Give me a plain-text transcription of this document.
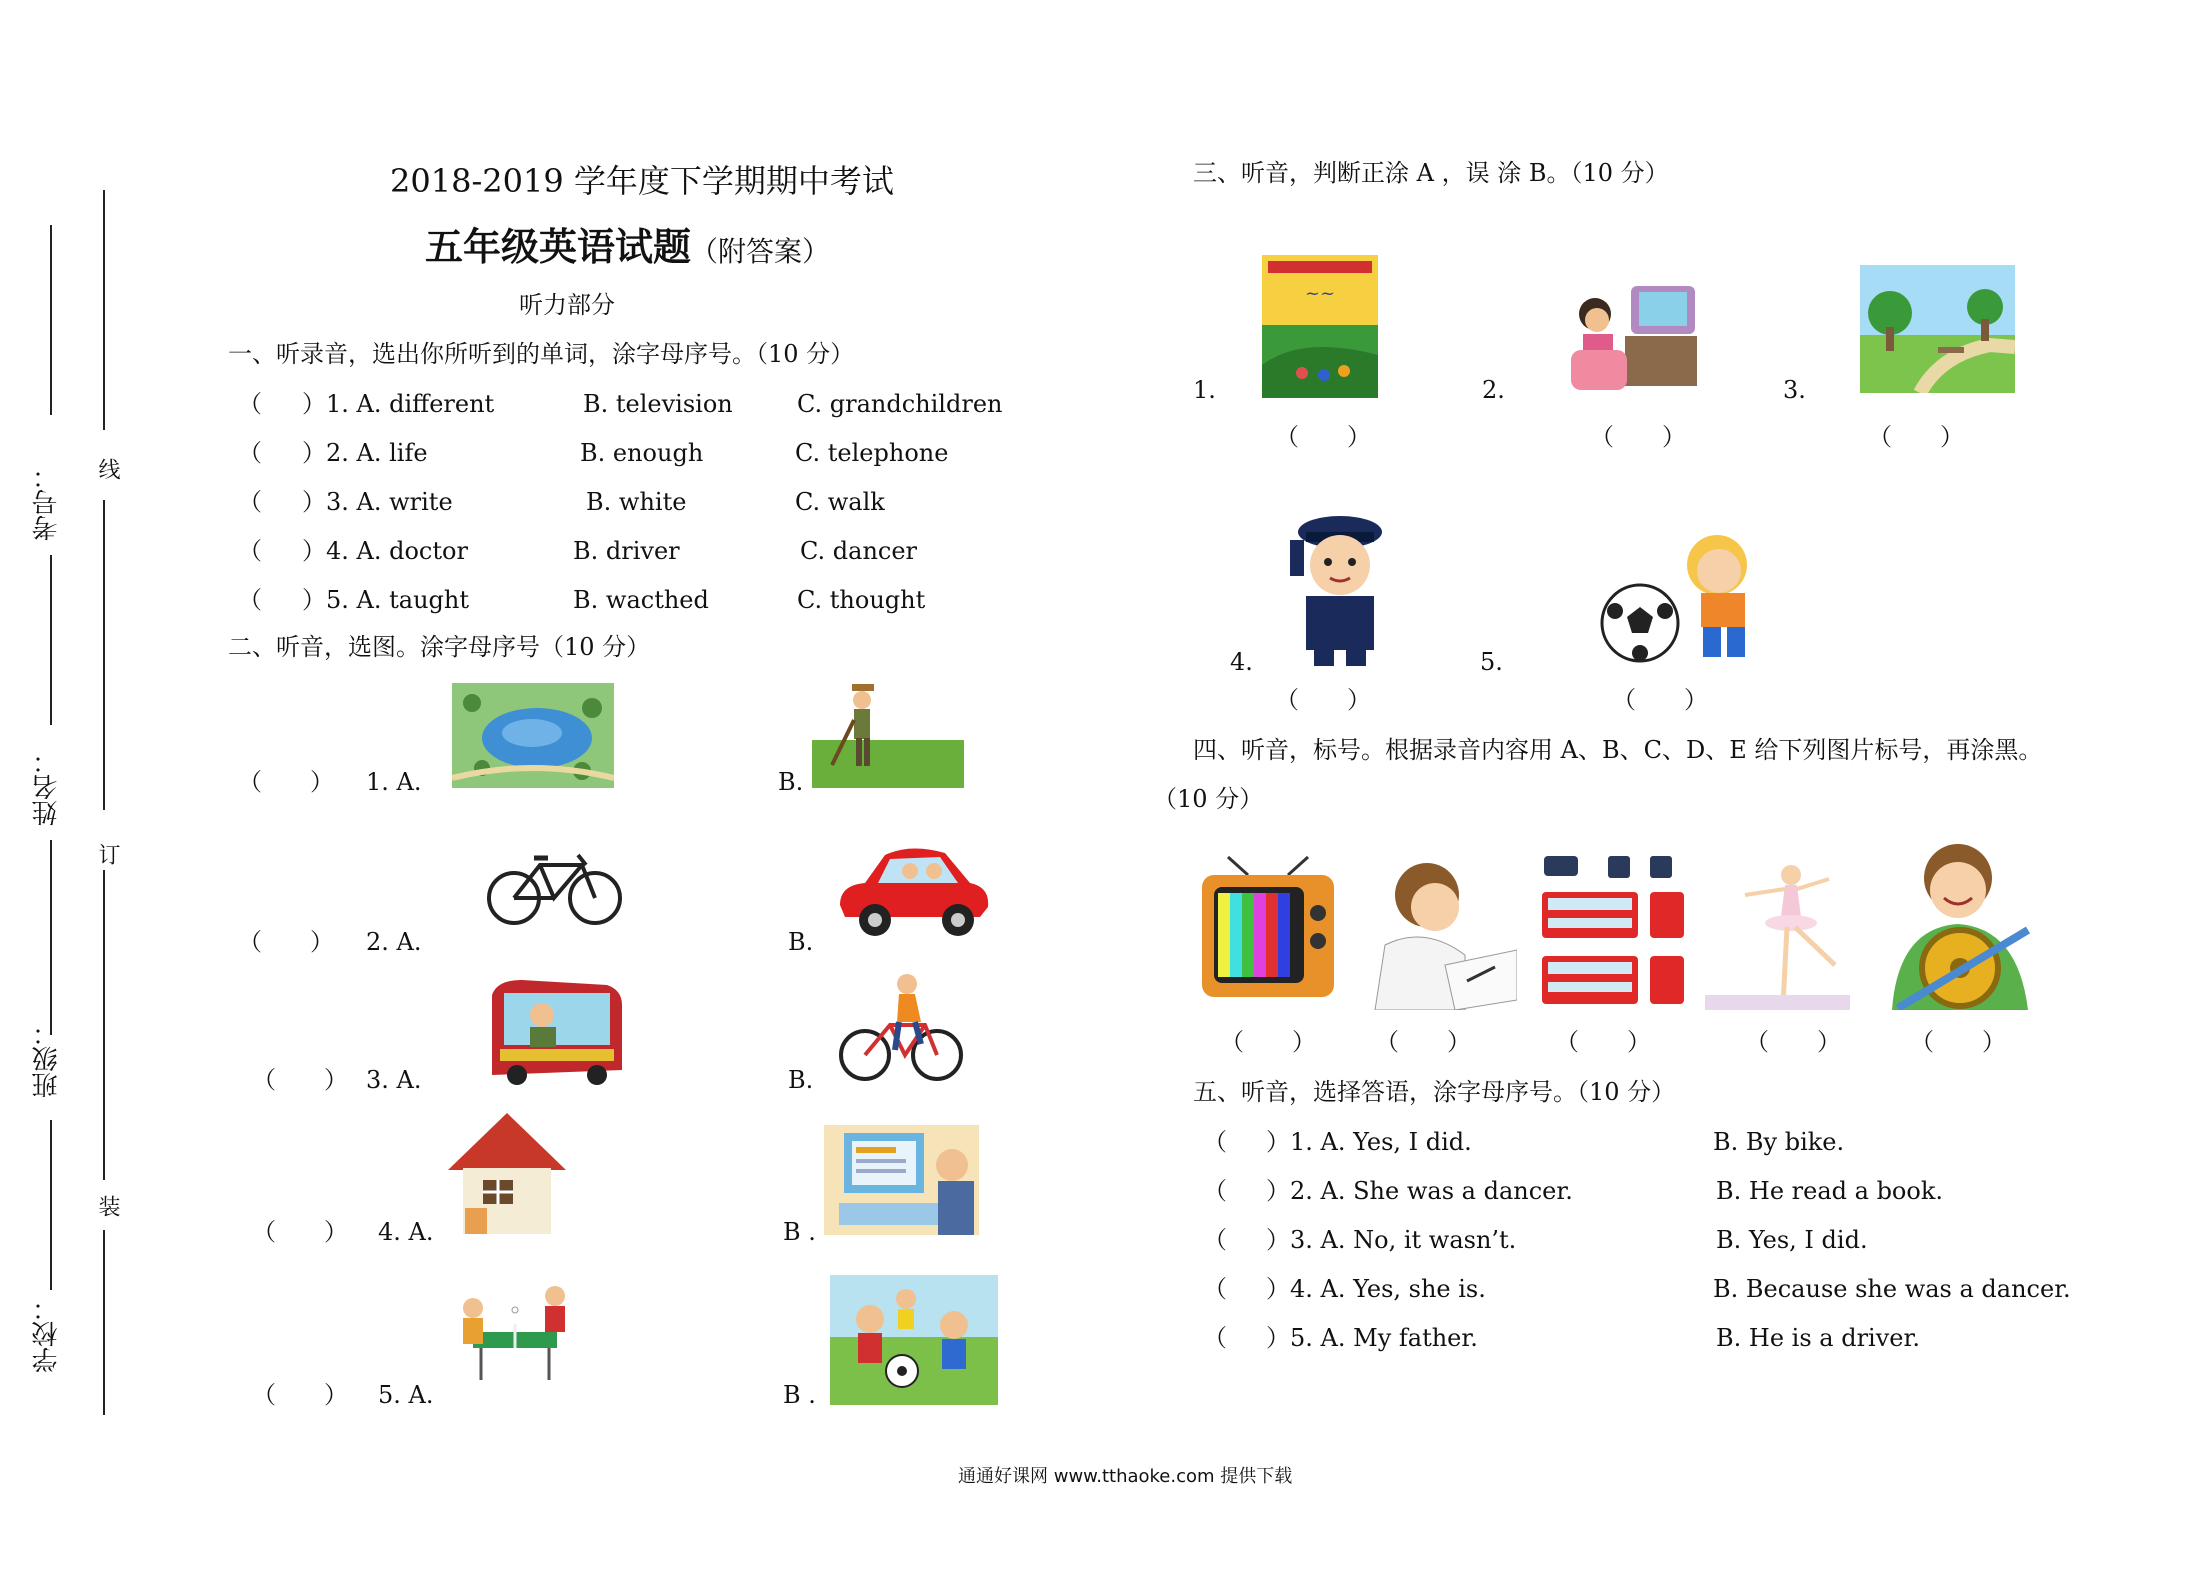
考号：
姓名：
班级：
学校：
线
订
装
2018-2019 学年度下学期期中考试
五年级英语试题
（附答案）
听力部分
一、听录音，选出你所听到的单词，涂字母序号。（10 分）
（ ）1. A. different	B. television	C. grandchildren
（ ）2. A. life	B. enough	C. telephone
（ ）3. A. write	B. white	C. walk
（ ）4. A. doctor	B. driver	C. dancer
（ ）5. A. taught	B. wacthed	C. thought
二、听音，选图。涂字母序号（10 分）
（　　） 1. A.	B.
（　　） 2. A.	B.
（　　） 3. A.	B.
（　　） 4. A.	B .
（　　） 5. A.	B .
三、听音，判断正涂 A ，误 涂 B。（10 分）
1.
~~
（　　）
2.
（　　）
3.
（　　）
4.
（　　）
5.
（　　）
四、听音，标号。根据录音内容用 A、B、C、D、E 给下列图片标号，再涂黑。
（10 分）
（　　） （　　）	（　　）	（　　）	（　　）
五、听音，选择答语，涂字母序号。（10 分）
（ ）1. A. Yes, I did.	B. By bike.
（ ）2. A. She was a dancer.	B. He read a book.
（ ）3. A. No, it wasn’t.	B. Yes, I did.
（ ）4. A. Yes, she is.	B. Because she was a dancer.
（ ）5. A. My father.	B. He is a driver.
通通好课网 www.tthaoke.com 提供下载
